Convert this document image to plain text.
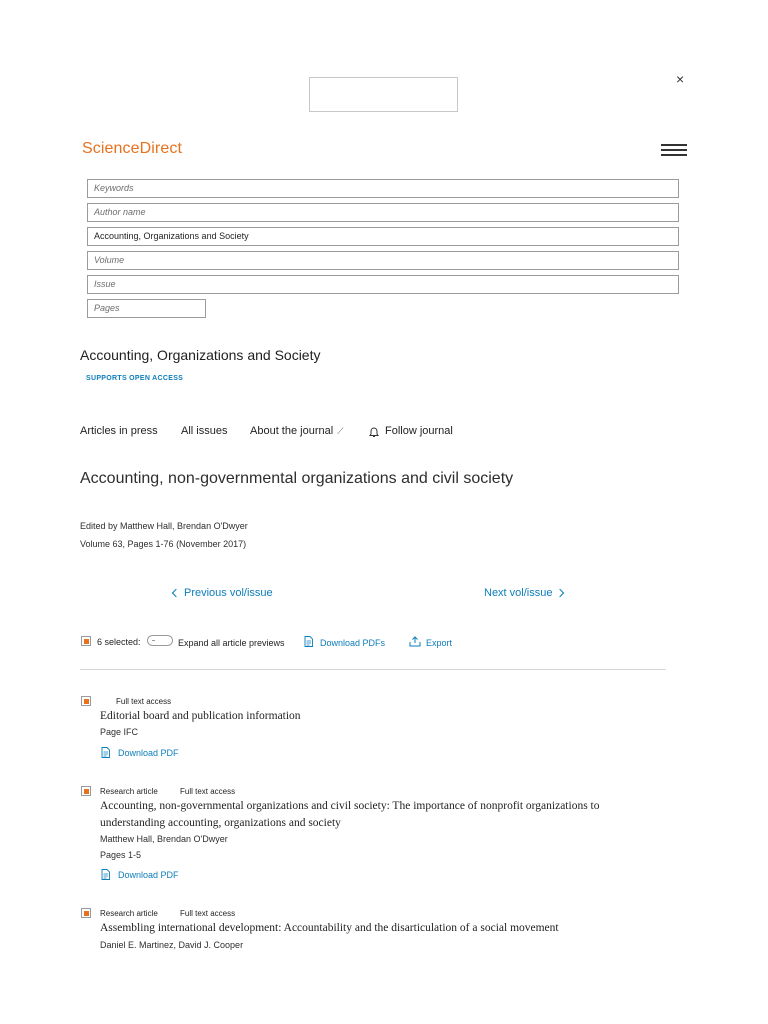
×
ScienceDirect
Keywords
Author name
Accounting, Organizations and Society
Volume
Issue
Pages
Accounting, Organizations and Society
SUPPORTS OPEN ACCESS
Articles in press All issues About the journal ⟋	Follow journal
Accounting, non-governmental organizations and civil society
Edited by Matthew Hall, Brendan O'Dwyer
Volume 63, Pages 1-76 (November 2017)
Previous vol/issue	Next vol/issue
6 selected:	Expand all article previews	Download PDFs	Export
Full text access
Editorial board and publication information
Page IFC
Download PDF
Research article	Full text access
Accounting, non-governmental organizations and civil society: The importance of nonprofit organizations to
understanding accounting, organizations and society
Matthew Hall, Brendan O'Dwyer
Pages 1-5
Download PDF
Research article	Full text access
Assembling international development: Accountability and the disarticulation of a social movement
Daniel E. Martinez, David J. Cooper
